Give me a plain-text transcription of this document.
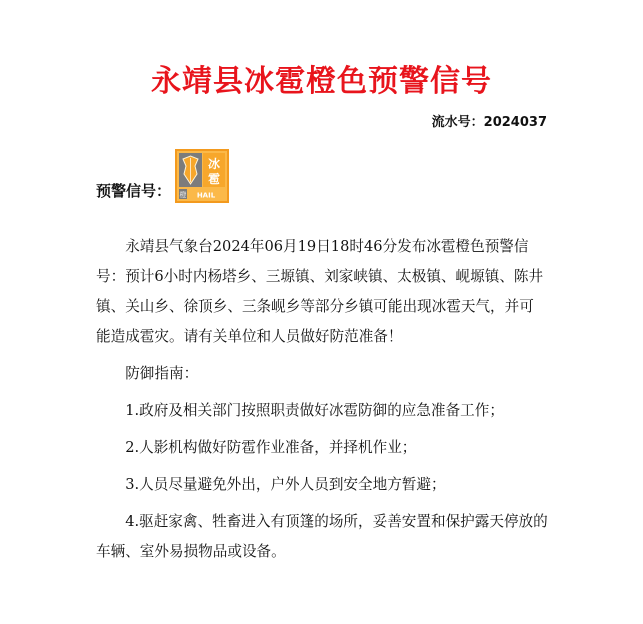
永靖县冰雹橙色预警信号
流水号：2024037
预警信号：
冰
雹
橙 HAIL

永靖县气象台2024年06月19日18时46分发布冰雹橙色预警信号：预计6小时内杨塔乡、三塬镇、刘家峡镇、太极镇、岘塬镇、陈井镇、关山乡、徐顶乡、三条岘乡等部分乡镇可能出现冰雹天气，并可能造成雹灾。请有关单位和人员做好防范准备！

防御指南：

1.政府及相关部门按照职责做好冰雹防御的应急准备工作；

2.人影机构做好防雹作业准备，并择机作业；

3.人员尽量避免外出，户外人员到安全地方暂避；

4.驱赶家禽、牲畜进入有顶篷的场所，妥善安置和保护露天停放的车辆、室外易损物品或设备。
